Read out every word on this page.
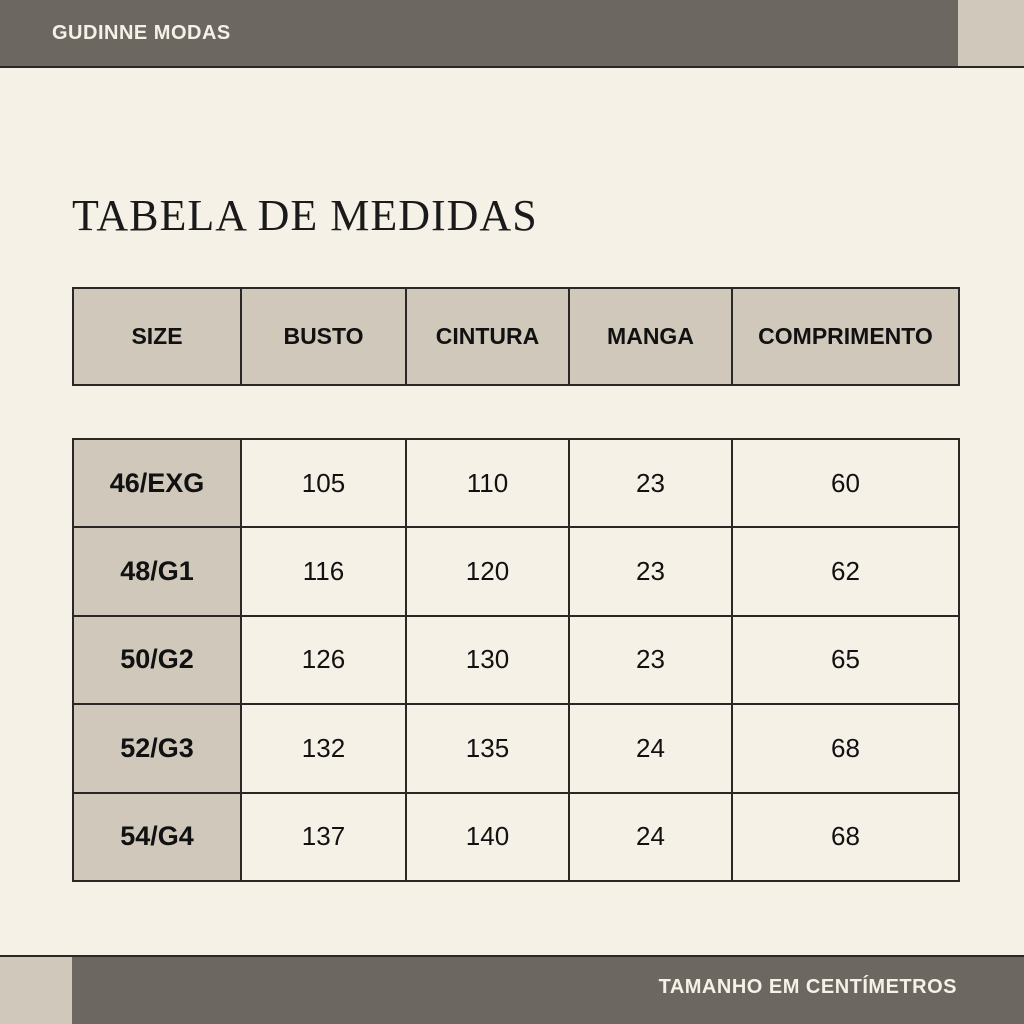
GUDINNE MODAS
TABELA DE MEDIDAS
SIZE	BUSTO	CINTURA	MANGA	COMPRIMENTO
46/EXG	105	110	23	60
48/G1	116	120	23	62
50/G2	126	130	23	65
52/G3	132	135	24	68
54/G4	137	140	24	68
TAMANHO EM CENTÍMETROS
